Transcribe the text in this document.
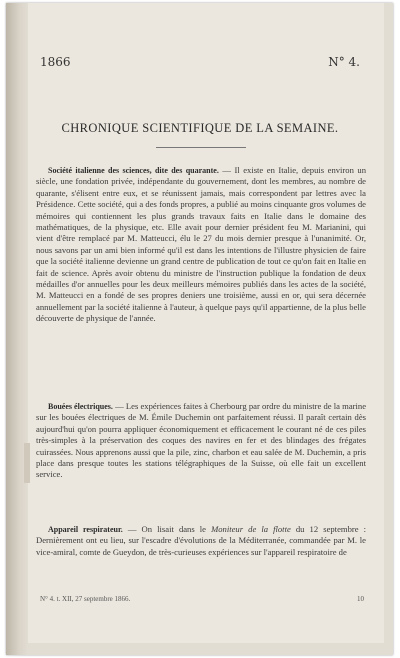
1866	N° 4.
CHRONIQUE SCIENTIFIQUE DE LA SEMAINE.

Société italienne des sciences, dite des quarante. — Il existe en Italie, depuis environ un siècle, une fondation privée, indépendante du gouvernement, dont les membres, au nombre de quarante, s'élisent entre eux, et se réunissent jamais, mais correspondent par lettres avec la Présidence. Cette société, qui a des fonds propres, a publié au moins cinquante gros volumes de mémoires qui contiennent les plus grands travaux faits en Italie dans le domaine des mathématiques, de la physique, etc. Elle avait pour dernier président feu M. Marianini, qui vient d'être remplacé par M. Matteucci, élu le 27 du mois dernier presque à l'unanimité. Or, nous savons par un ami bien informé qu'il est dans les intentions de l'illustre physicien de faire que la société italienne devienne un grand centre de publication de tout ce qu'on fait en Italie en fait de science. Après avoir obtenu du ministre de l'instruction publique la fondation de deux médailles d'or annuelles pour les deux meilleurs mémoires publiés dans les actes de la société, M. Matteucci en a fondé de ses propres deniers une troisième, aussi en or, qui sera décernée annuellement par la société italienne à l'auteur, à quelque pays qu'il appartienne, de la plus belle découverte de physique de l'année.

Bouées électriques. — Les expériences faites à Cherbourg par ordre du ministre de la marine sur les bouées électriques de M. Émile Duchemin ont parfaitement réussi. Il paraît certain dès aujourd'hui qu'on pourra appliquer économiquement et efficacement le courant né de ces piles très-simples à la préservation des coques des navires en fer et des blindages des frégates cuirassées. Nous apprenons aussi que la pile, zinc, charbon et eau salée de M. Duchemin, a pris place dans presque toutes les stations télégraphiques de la Suisse, où elle fait un excellent service.

Appareil respirateur. — On lisait dans le Moniteur de la flotte du 12 septembre : Dernièrement ont eu lieu, sur l'escadre d'évolutions de la Méditerranée, commandée par M. le vice-amiral, comte de Gueydon, de très-curieuses expériences sur l'appareil respiratoire de

N° 4. t. XII, 27 septembre 1866.	10
